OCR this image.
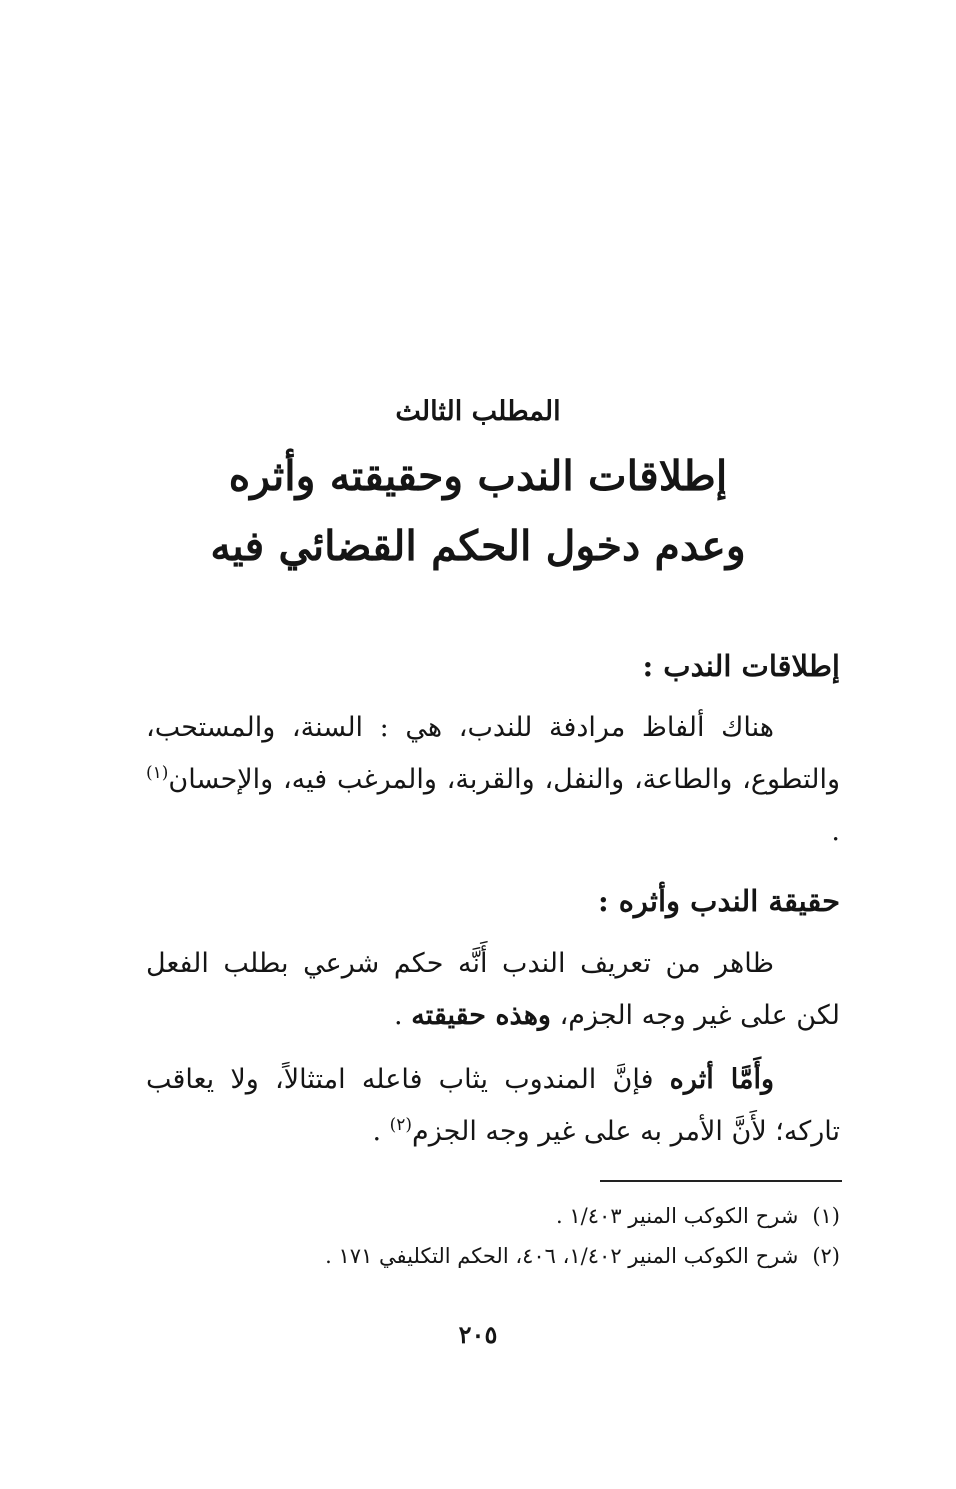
المطلب الثالث
إطلاقات الندب وحقيقته وأثره
وعدم دخول الحكم القضائي فيه

إطلاقات الندب :

هناك ألفاظ مرادفة للندب، هي : السنة، والمستحب، والتطوع، والطاعة، والنفل، والقربة، والمرغب فيه، والإحسان$^{(١)}$ .

حقيقة الندب وأثره :

ظاهر من تعريف الندب أَنَّه حكم شرعي بطلب الفعل لكن على غير وجه الجزم، وهذه حقيقته .

وأَمَّا أثره فإنَّ المندوب يثاب فاعله امتثالاً، ولا يعاقب تاركه؛ لأَنَّ الأمر به على غير وجه الجزم$^{(٢)}$ .

(١)شرح الكوكب المنير ١/٤٠٣ .

(٢)شرح الكوكب المنير ١/٤٠٢، ٤٠٦، الحكم التكليفي ١٧١ .

٢٠٥
